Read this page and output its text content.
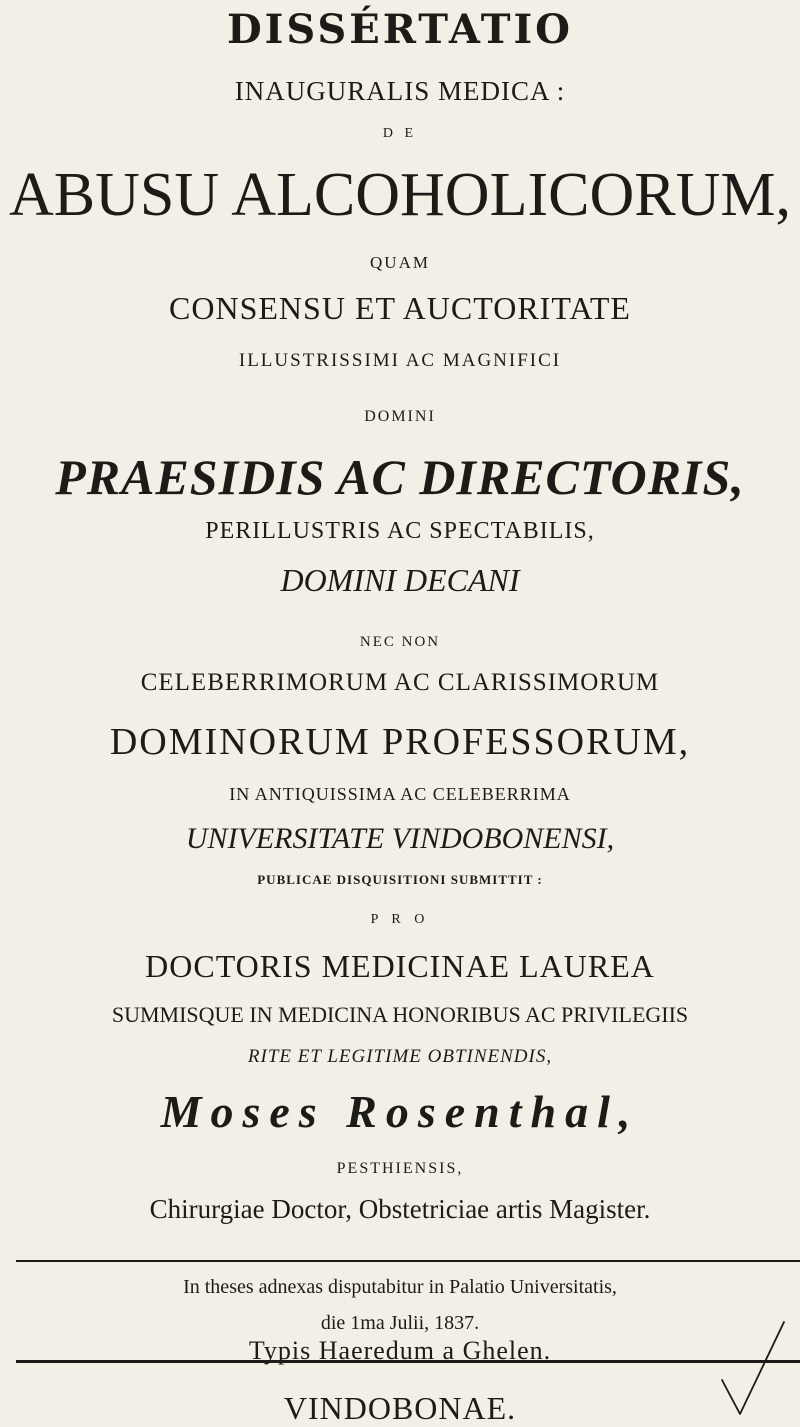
DISSÉRTATIO
INAUGURALIS MEDICA :
D E
ABUSU ALCOHOLICORUM,
QUAM
CONSENSU ET AUCTORITATE
ILLUSTRISSIMI AC MAGNIFICI
DOMINI
PRAESIDIS AC DIRECTORIS,
PERILLUSTRIS AC SPECTABILIS,
DOMINI DECANI
NEC NON
CELEBERRIMORUM AC CLARISSIMORUM
DOMINORUM PROFESSORUM,
IN ANTIQUISSIMA AC CELEBERRIMA
UNIVERSITATE VINDOBONENSI,
PUBLICAE DISQUISITIONI SUBMITTIT :
P R O
DOCTORIS MEDICINAE LAUREA
SUMMISQUE IN MEDICINA HONORIBUS AC PRIVILEGIIS
RITE ET LEGITIME OBTINENDIS,
Moses Rosenthal,
PESTHIENSIS,
Chirurgiae Doctor, Obstetriciae artis Magister.
In theses adnexas disputabitur in Palatio Universitatis,
die 1ma Julii, 1837.
VINDOBONAE.
Typis Haeredum a Ghelen.
